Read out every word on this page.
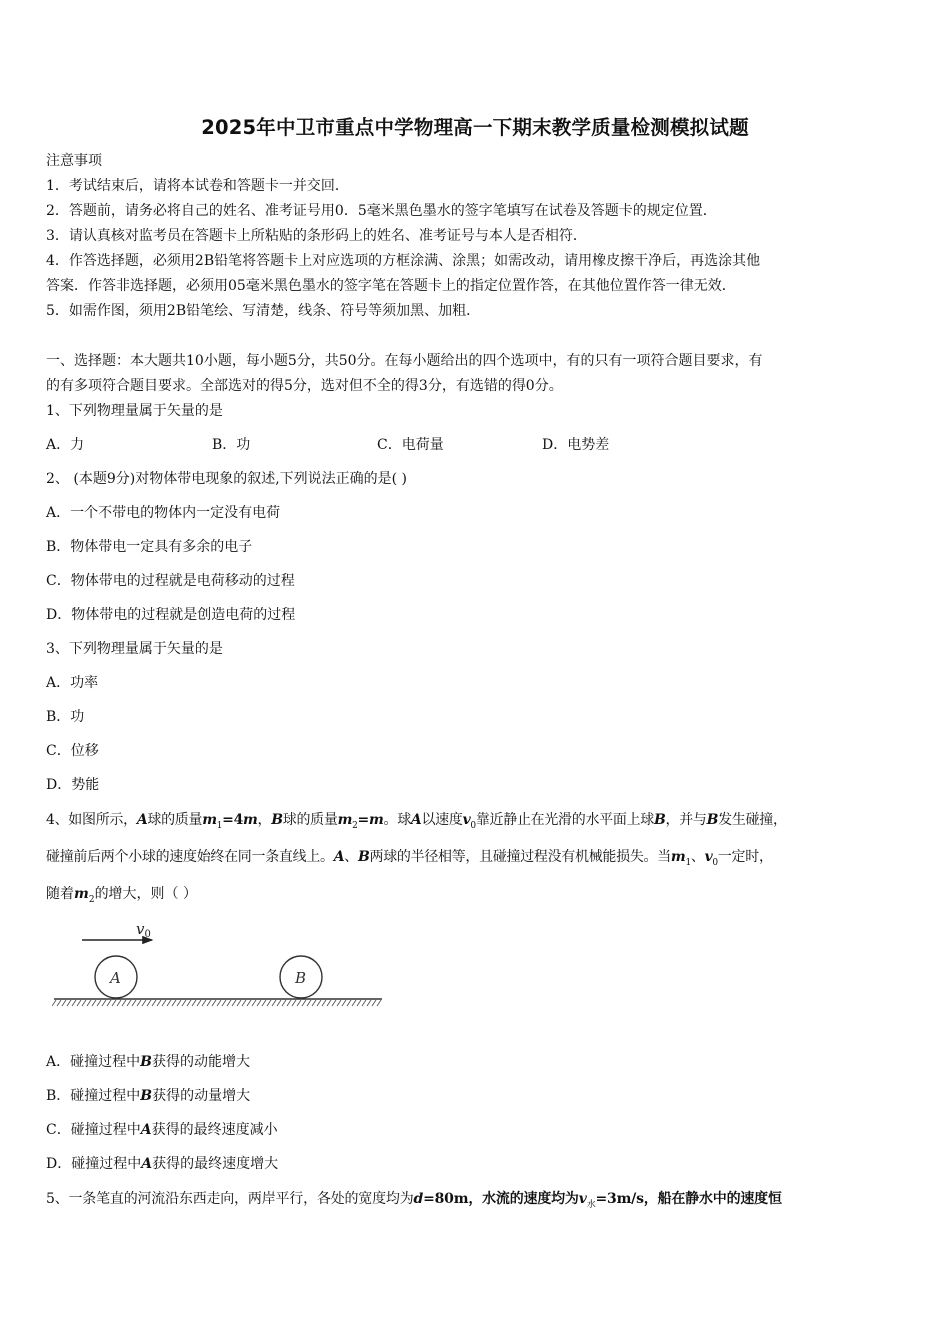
2025年中卫市重点中学物理高一下期末教学质量检测模拟试题
注意事项
1．考试结束后，请将本试卷和答题卡一并交回．
2．答题前，请务必将自己的姓名、准考证号用0．5毫米黑色墨水的签字笔填写在试卷及答题卡的规定位置．
3．请认真核对监考员在答题卡上所粘贴的条形码上的姓名、准考证号与本人是否相符．
4．作答选择题，必须用2B铅笔将答题卡上对应选项的方框涂满、涂黑；如需改动，请用橡皮擦干净后，再选涂其他
答案．作答非选择题，必须用05毫米黑色墨水的签字笔在答题卡上的指定位置作答，在其他位置作答一律无效．
5．如需作图，须用2B铅笔绘、写清楚，线条、符号等须加黑、加粗．
一、选择题：本大题共10小题，每小题5分，共50分。在每小题给出的四个选项中，有的只有一项符合题目要求，有
的有多项符合题目要求。全部选对的得5分，选对但不全的得3分，有选错的得0分。
1、下列物理量属于矢量的是
A．力	B．功	C．电荷量	D．电势差
2、 (本题9分)对物体带电现象的叙述,下列说法正确的是( )
A．一个不带电的物体内一定没有电荷
B．物体带电一定具有多余的电子
C．物体带电的过程就是电荷移动的过程
D．物体带电的过程就是创造电荷的过程
3、下列物理量属于矢量的是
A．功率
B．功
C．位移
D．势能
4、如图所示，A球的质量$m_1=4m$，B球的质量$m_2=m$。球A以速度$v_0$靠近静止在光滑的水平面上球B，并与B发生碰撞，
碰撞前后两个小球的速度始终在同一条直线上。A、B两球的半径相等，且碰撞过程没有机械能损失。当$m_1$、$v_0$一定时，
随着$m_2$的增大，则（ ）
$v_0$
A	B
A．碰撞过程中B获得的动能增大
B．碰撞过程中B获得的动量增大
C．碰撞过程中A获得的最终速度减小
D．碰撞过程中A获得的最终速度增大
5、一条笔直的河流沿东西走向，两岸平行，各处的宽度均为d=80m，水流的速度均为$v_水=3m/s$，船在静水中的速度恒
